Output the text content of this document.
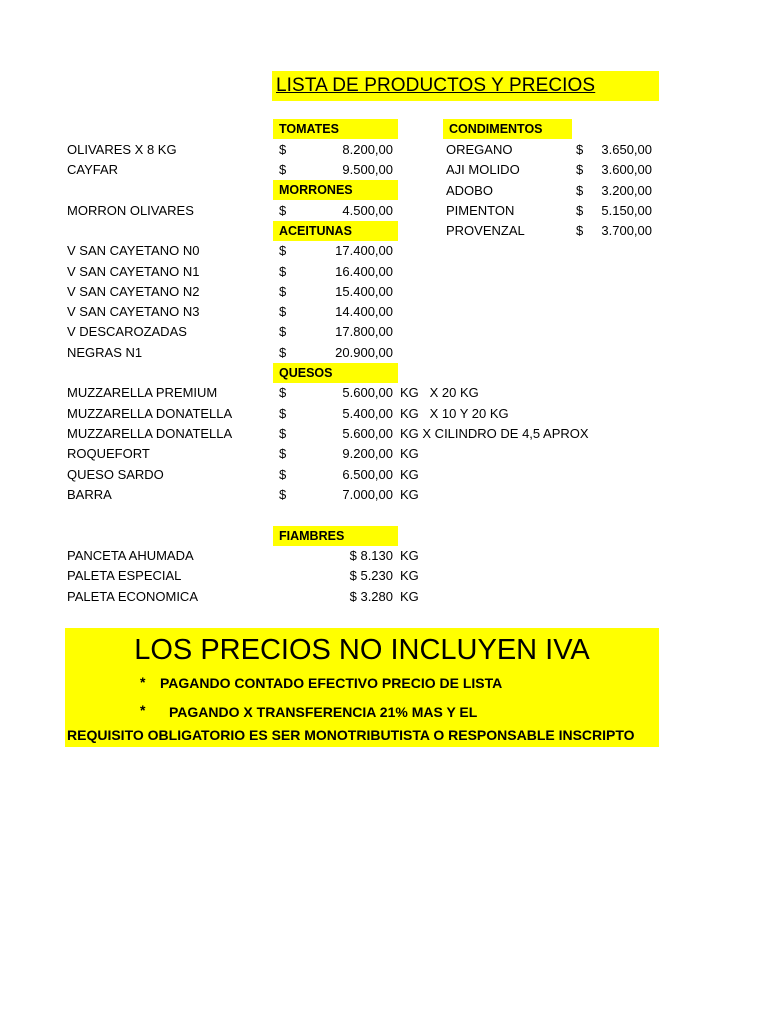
LISTA DE PRODUCTOS Y PRECIOS
TOMATES	CONDIMENTOS
MORRONES
ACEITUNAS
QUESOS
FIAMBRES
OLIVARES X 8 KG	$	8.200,00
CAYFAR	$	9.500,00
MORRON OLIVARES	$	4.500,00
V SAN CAYETANO N0	$	17.400,00
V SAN CAYETANO N1	$	16.400,00
V SAN CAYETANO N2	$	15.400,00
V SAN CAYETANO N3	$	14.400,00
V DESCAROZADAS	$	17.800,00
NEGRAS N1	$	20.900,00
MUZZARELLA PREMIUM	$	5.600,00 KG   X 20 KG
MUZZARELLA DONATELLA	$	5.400,00 KG   X 10 Y 20 KG
MUZZARELLA DONATELLA	$	5.600,00 KG X CILINDRO DE 4,5 APROX
ROQUEFORT	$	9.200,00 KG
QUESO SARDO	$	6.500,00 KG
BARRA	$	7.000,00 KG
PANCETA AHUMADA	$ 8.130 KG
PALETA ESPECIAL	$ 5.230 KG
PALETA ECONOMICA	$ 3.280 KG
OREGANO	$	3.650,00
AJI MOLIDO	$	3.600,00
ADOBO	$	3.200,00
PIMENTON	$	5.150,00
PROVENZAL	$	3.700,00
LOS PRECIOS NO INCLUYEN IVA
* PAGANDO CONTADO EFECTIVO PRECIO DE LISTA
* PAGANDO X TRANSFERENCIA 21% MAS Y EL
REQUISITO OBLIGATORIO ES SER MONOTRIBUTISTA O RESPONSABLE INSCRIPTO
